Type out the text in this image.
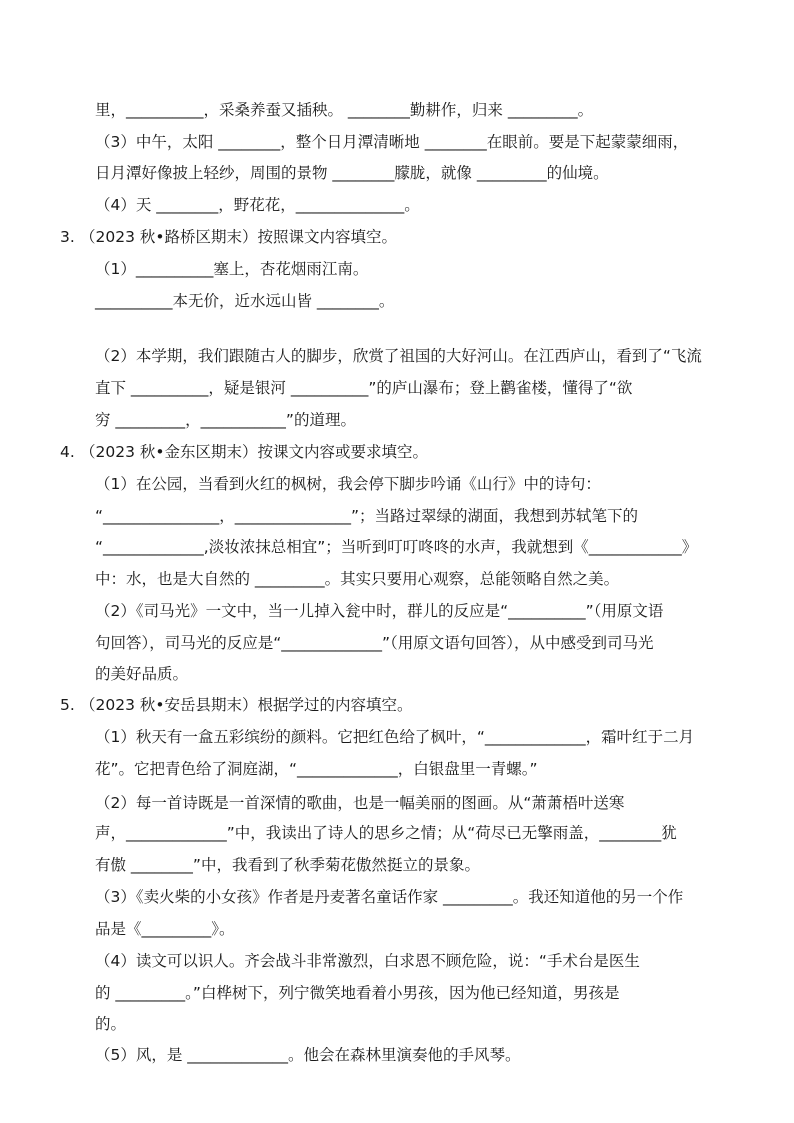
里，__________，采桑养蚕又插秧。 ________勤耕作，归来 _________。
（3）中午，太阳 ________，整个日月潭清晰地 ________在眼前。要是下起蒙蒙细雨，
日月潭好像披上轻纱，周围的景物 ________朦胧，就像 _________的仙境。
（4）天 ________，野花花，______________。
3. （2023 秋•路桥区期末）按照课文内容填空。
（1）__________塞上，杏花烟雨江南。
__________本无价，近水远山皆 ________。
（2）本学期，我们跟随古人的脚步，欣赏了祖国的大好河山。在江西庐山，看到了“飞流
直下 __________，疑是银河 __________”的庐山瀑布；登上鹳雀楼，懂得了“欲
穷 _________，___________”的道理。
4. （2023 秋•金东区期末）按课文内容或要求填空。
（1）在公园，当看到火红的枫树，我会停下脚步吟诵《山行》中的诗句：
“_______________，_______________”；当路过翠绿的湖面，我想到苏轼笔下的
“_____________,淡妆浓抹总相宜”；当听到叮叮咚咚的水声，我就想到《____________》
中：水，也是大自然的 _________。其实只要用心观察，总能领略自然之美。
（2）《司马光》一文中，当一儿掉入瓮中时，群儿的反应是“__________”（用原文语
句回答），司马光的反应是“_____________”（用原文语句回答），从中感受到司马光
的美好品质。
5. （2023 秋•安岳县期末）根据学过的内容填空。
（1）秋天有一盒五彩缤纷的颜料。它把红色给了枫叶，“_____________，霜叶红于二月
花”。它把青色给了洞庭湖，“_____________，白银盘里一青螺。”
（2）每一首诗既是一首深情的歌曲，也是一幅美丽的图画。从“萧萧梧叶送寒
声，_____________”中，我读出了诗人的思乡之情；从“荷尽已无擎雨盖，________犹
有傲 ________”中，我看到了秋季菊花傲然挺立的景象。
（3）《卖火柴的小女孩》作者是丹麦著名童话作家 _________。我还知道他的另一个作
品是《_________》。
（4）读文可以识人。齐会战斗非常激烈，白求恩不顾危险，说：“手术台是医生
的 _________。”白桦树下，列宁微笑地看着小男孩，因为他已经知道，男孩是
的。
（5）风，是 _____________。他会在森林里演奏他的手风琴。
